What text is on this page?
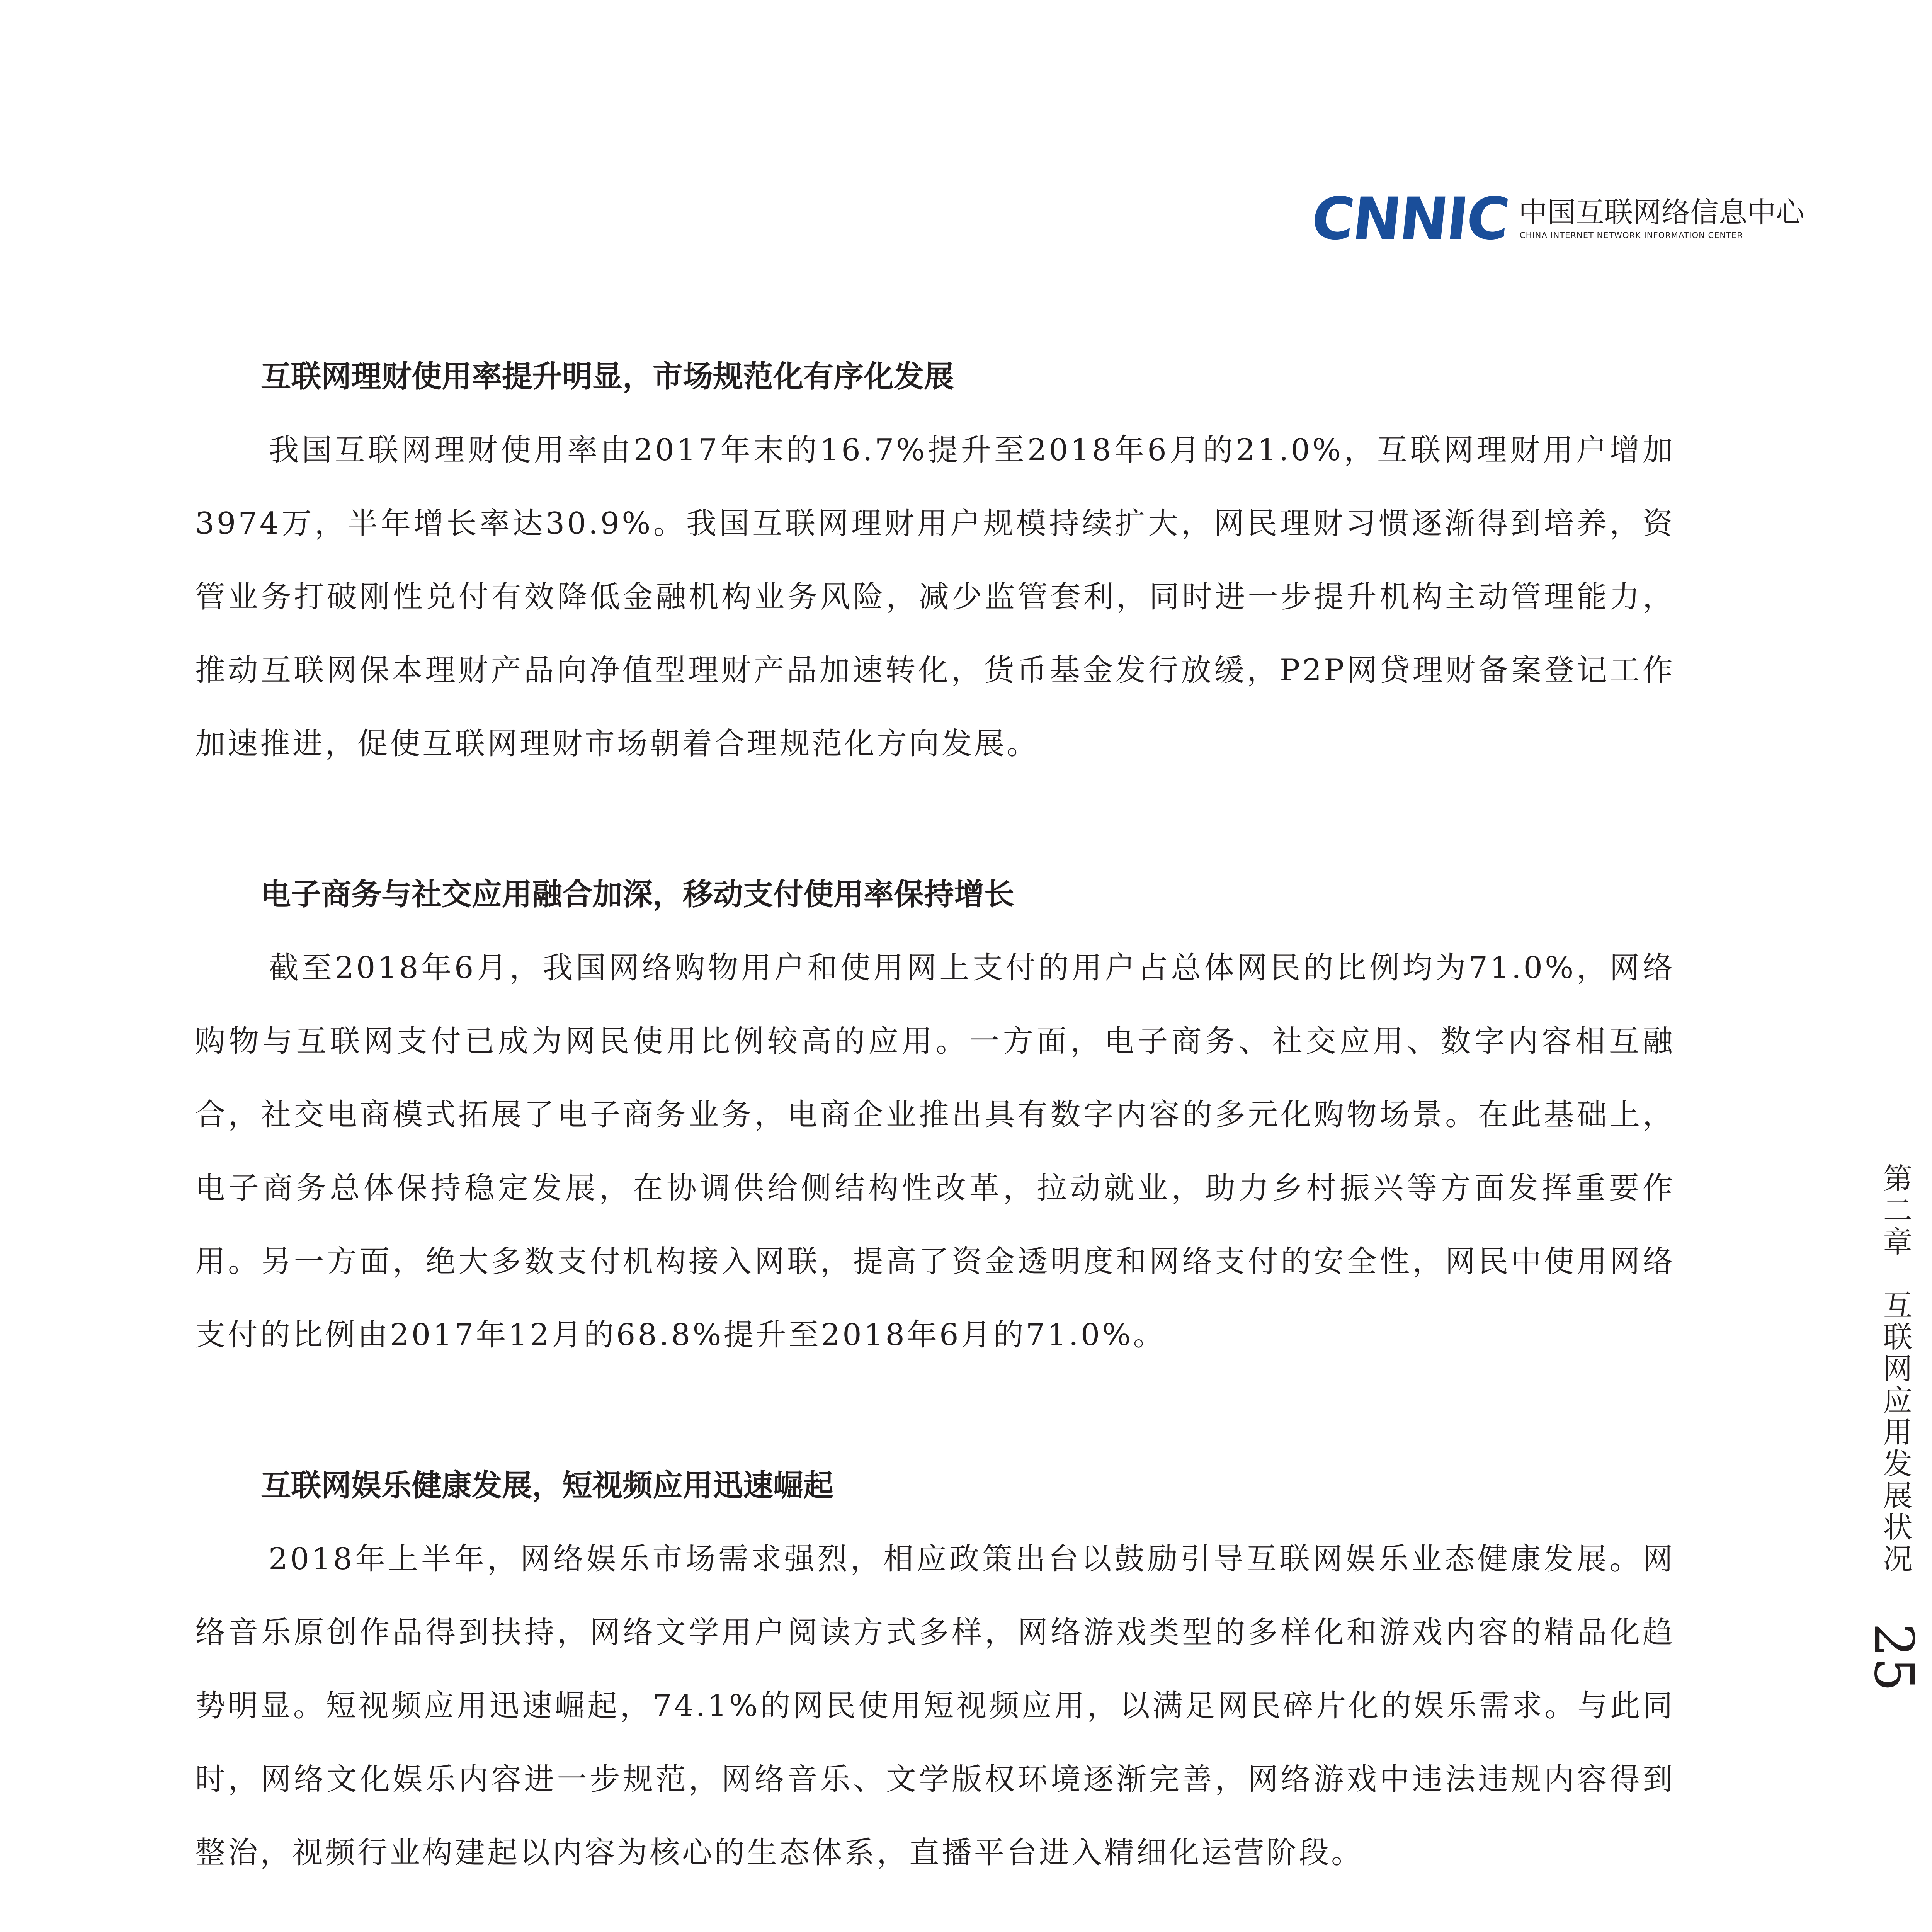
CNNIC 中国互联网络信息中心
CHINA INTERNET NETWORK INFORMATION CENTER

互联网理财使用率提升明显，市场规范化有序化发展

我国互联网理财使用率由2017年末的16.7%提升至2018年6月的21.0%，互联网理财用户增加3974万，半年增长率达30.9%。我国互联网理财用户规模持续扩大，网民理财习惯逐渐得到培养，资管业务打破刚性兑付有效降低金融机构业务风险，减少监管套利，同时进一步提升机构主动管理能力，推动互联网保本理财产品向净值型理财产品加速转化，货币基金发行放缓，P2P网贷理财备案登记工作加速推进，促使互联网理财市场朝着合理规范化方向发展。

电子商务与社交应用融合加深，移动支付使用率保持增长

截至2018年6月，我国网络购物用户和使用网上支付的用户占总体网民的比例均为71.0%，网络购物与互联网支付已成为网民使用比例较高的应用。一方面，电子商务、社交应用、数字内容相互融合，社交电商模式拓展了电子商务业务，电商企业推出具有数字内容的多元化购物场景。在此基础上，电子商务总体保持稳定发展，在协调供给侧结构性改革，拉动就业，助力乡村振兴等方面发挥重要作用。另一方面，绝大多数支付机构接入网联，提高了资金透明度和网络支付的安全性，网民中使用网络支付的比例由2017年12月的68.8%提升至2018年6月的71.0%。

互联网娱乐健康发展，短视频应用迅速崛起

2018年上半年，网络娱乐市场需求强烈，相应政策出台以鼓励引导互联网娱乐业态健康发展。网络音乐原创作品得到扶持，网络文学用户阅读方式多样，网络游戏类型的多样化和游戏内容的精品化趋势明显。短视频应用迅速崛起，74.1%的网民使用短视频应用，以满足网民碎片化的娱乐需求。与此同时，网络文化娱乐内容进一步规范，网络音乐、文学版权环境逐渐完善，网络游戏中违法违规内容得到整治，视频行业构建起以内容为核心的生态体系，直播平台进入精细化运营阶段。

第二章　互联网应用发展状况
25
